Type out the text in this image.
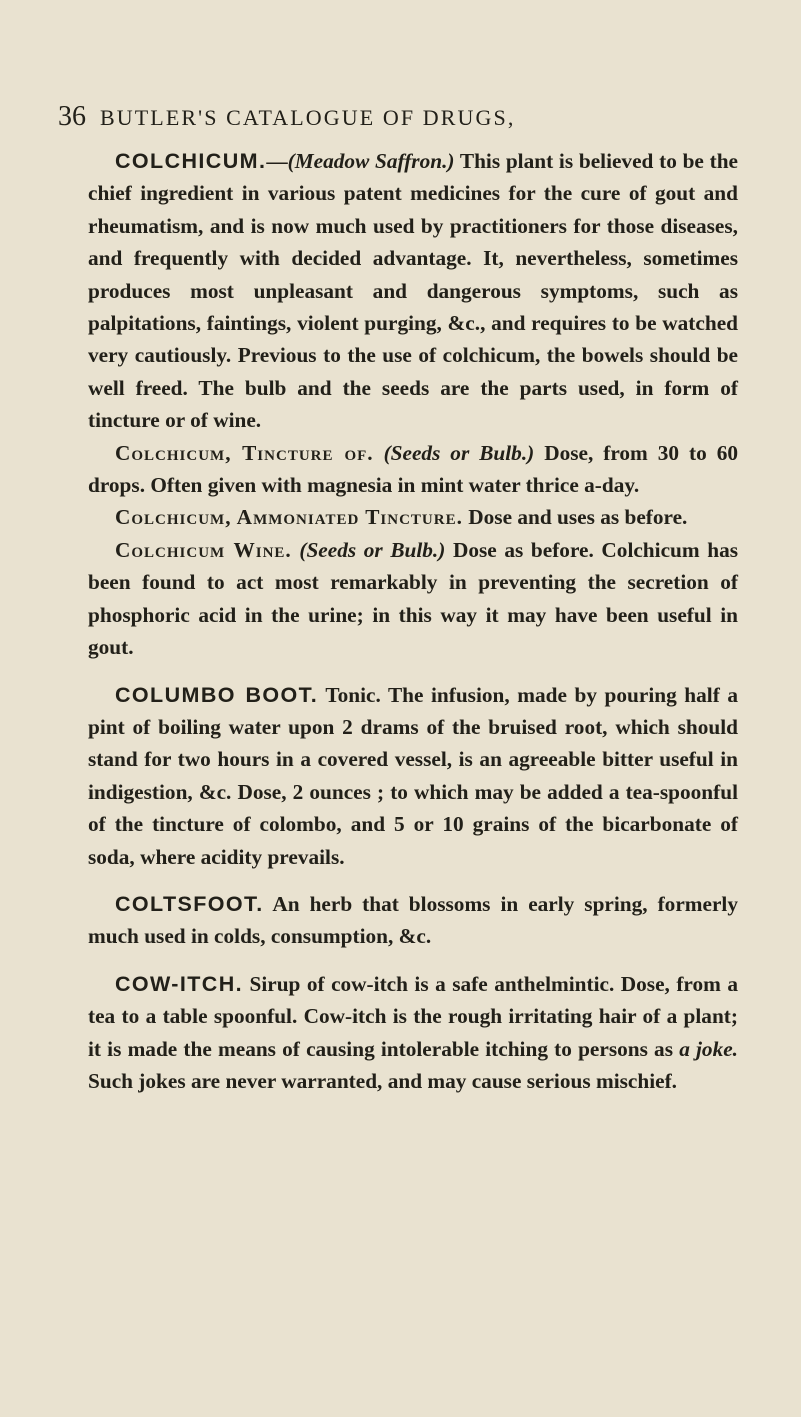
36 BUTLER'S CATALOGUE OF DRUGS,

COLCHICUM.—(Meadow Saffron.) This plant is believed to be the chief ingredient in various patent medicines for the cure of gout and rheumatism, and is now much used by practitioners for those diseases, and frequently with decided advantage. It, nevertheless, sometimes produces most unpleasant and dangerous symptoms, such as palpitations, faintings, violent purging, &c., and requires to be watched very cautiously. Previous to the use of colchicum, the bowels should be well freed. The bulb and the seeds are the parts used, in form of tincture or of wine.

Colchicum, Tincture of. (Seeds or Bulb.) Dose, from 30 to 60 drops. Often given with magnesia in mint water thrice a-day.

Colchicum, Ammoniated Tincture. Dose and uses as before.

Colchicum Wine. (Seeds or Bulb.) Dose as before. Colchicum has been found to act most remarkably in preventing the secretion of phosphoric acid in the urine; in this way it may have been useful in gout.

COLUMBO BOOT. Tonic. The infusion, made by pouring half a pint of boiling water upon 2 drams of the bruised root, which should stand for two hours in a covered vessel, is an agreeable bitter useful in indigestion, &c. Dose, 2 ounces ; to which may be added a tea-spoonful of the tincture of colombo, and 5 or 10 grains of the bicarbonate of soda, where acidity prevails.

COLTSFOOT. An herb that blossoms in early spring, formerly much used in colds, consumption, &c.

COW-ITCH. Sirup of cow-itch is a safe anthelmintic. Dose, from a tea to a table spoonful. Cow-itch is the rough irritating hair of a plant; it is made the means of causing intolerable itching to persons as a joke. Such jokes are never warranted, and may cause serious mischief.
